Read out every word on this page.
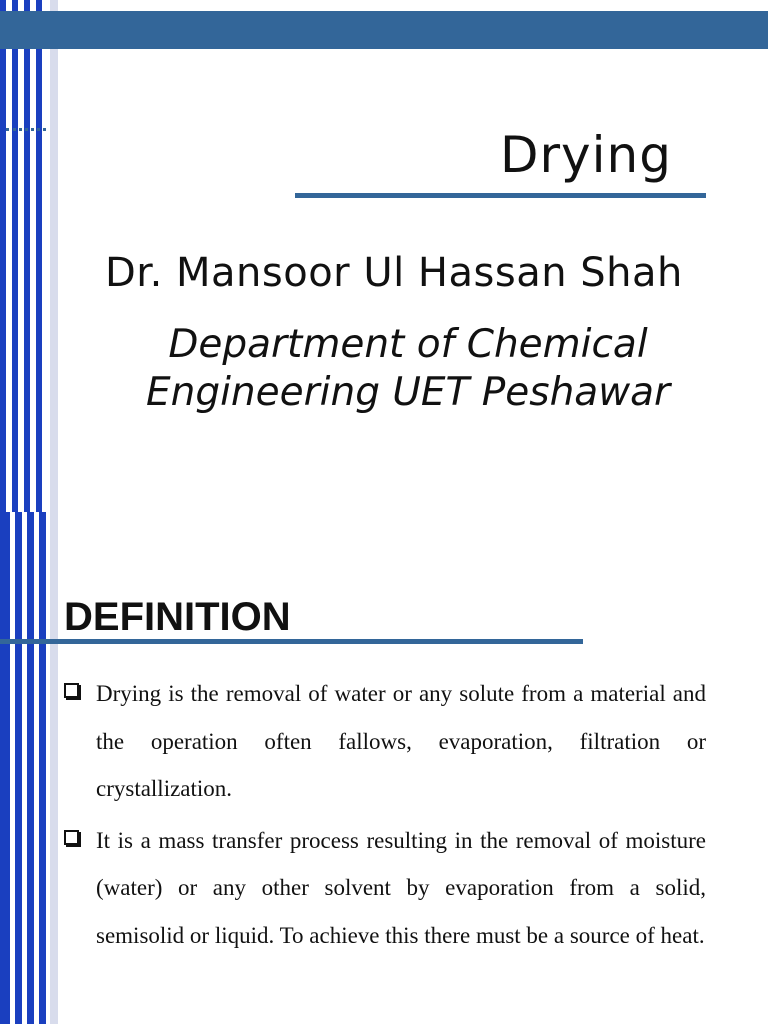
Drying
Dr. Mansoor Ul Hassan Shah
Department of Chemical Engineering UET Peshawar
DEFINITION
Drying is the removal of water or any solute from a material and the operation often fallows, evaporation, filtration or crystallization.
It is a mass transfer process resulting in the removal of moisture (water) or any other solvent by evaporation from a solid, semisolid or liquid. To achieve this there must be a source of heat.
